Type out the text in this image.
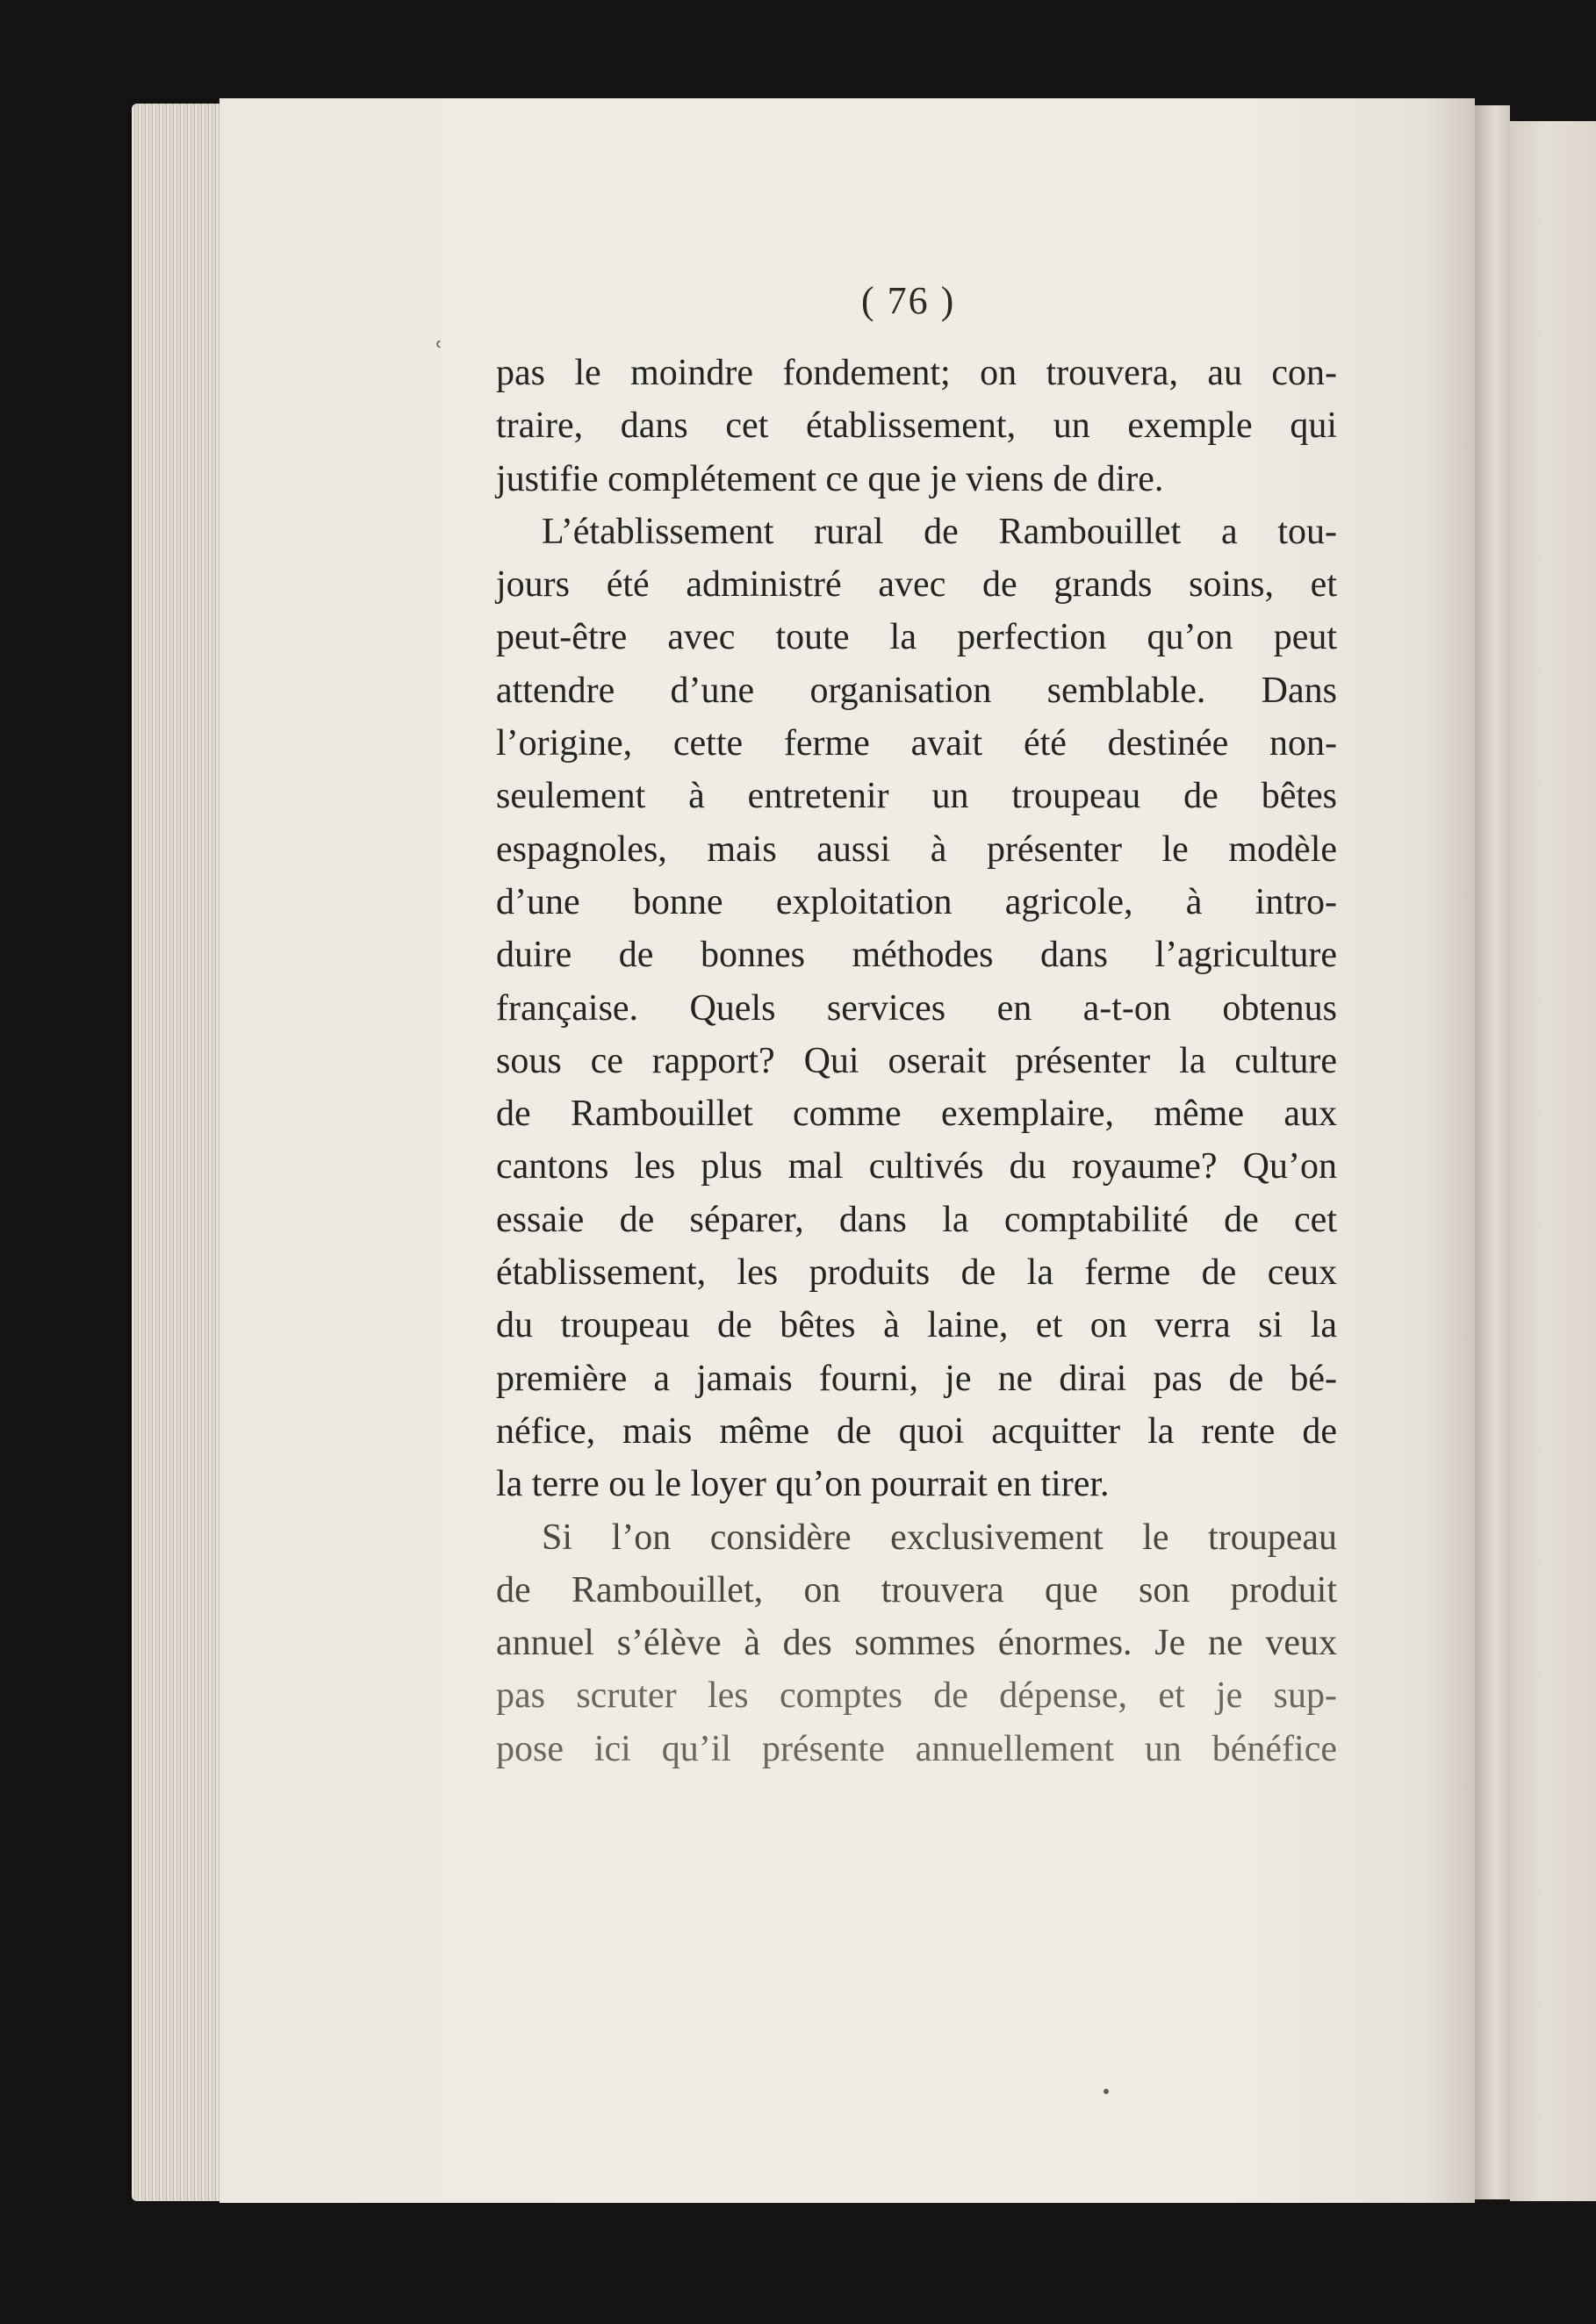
( 76 )
ʿ pas le moindre fondement; on trouvera, au con-
traire, dans cet établissement, un exemple qui
justifie complétement ce que je viens de dire.
L’établissement rural de Rambouillet a tou-
jours été administré avec de grands soins, et
peut-être avec toute la perfection qu’on peut
attendre d’une organisation semblable. Dans
l’origine, cette ferme avait été destinée non-
seulement à entretenir un troupeau de bêtes
espagnoles, mais aussi à présenter le modèle
d’une bonne exploitation agricole, à intro-
duire de bonnes méthodes dans l’agriculture
française. Quels services en a-t-on obtenus
sous ce rapport? Qui oserait présenter la culture
de Rambouillet comme exemplaire, même aux
cantons les plus mal cultivés du royaume? Qu’on
essaie de séparer, dans la comptabilité de cet
établissement, les produits de la ferme de ceux
du troupeau de bêtes à laine, et on verra si la
première a jamais fourni, je ne dirai pas de bé-
néfice, mais même de quoi acquitter la rente de
la terre ou le loyer qu’on pourrait en tirer.
Si l’on considère exclusivement le troupeau
de Rambouillet, on trouvera que son produit
annuel s’élève à des sommes énormes. Je ne veux
pas scruter les comptes de dépense, et je sup-
pose ici qu’il présente annuellement un bénéfice
